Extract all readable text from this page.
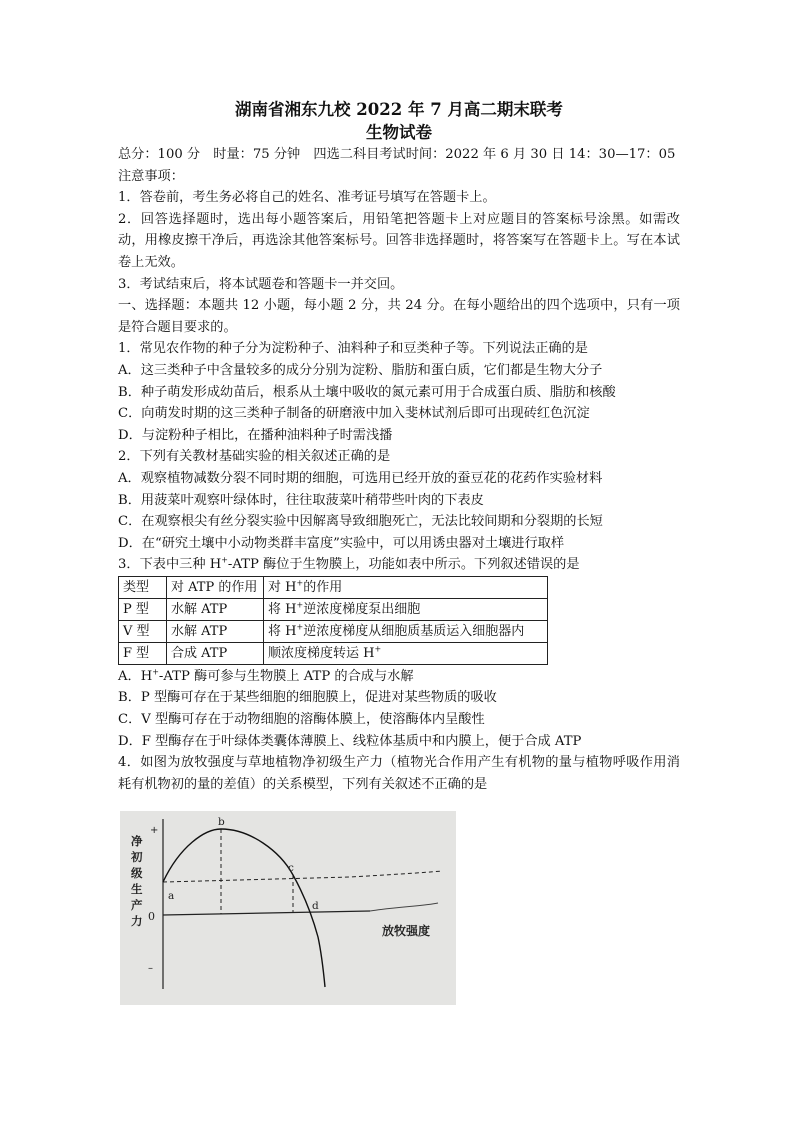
湖南省湘东九校 2022 年 7 月高二期末联考
生物试卷
总分：100 分　时量：75 分钟　四选二科目考试时间：2022 年 6 月 30 日 14：30—17：05
注意事项：
1．答卷前，考生务必将自己的姓名、准考证号填写在答题卡上。
2．回答选择题时，选出每小题答案后，用铅笔把答题卡上对应题目的答案标号涂黑。如需改动，用橡皮擦干净后，再选涂其他答案标号。回答非选择题时，将答案写在答题卡上。写在本试卷上无效。
3．考试结束后，将本试题卷和答题卡一并交回。
一、选择题：本题共 12 小题，每小题 2 分，共 24 分。在每小题给出的四个选项中，只有一项是符合题目要求的。
1．常见农作物的种子分为淀粉种子、油料种子和豆类种子等。下列说法正确的是
A．这三类种子中含量较多的成分分别为淀粉、脂肪和蛋白质，它们都是生物大分子
B．种子萌发形成幼苗后，根系从土壤中吸收的氮元素可用于合成蛋白质、脂肪和核酸
C．向萌发时期的这三类种子制备的研磨液中加入斐林试剂后即可出现砖红色沉淀
D．与淀粉种子相比，在播种油料种子时需浅播
2．下列有关教材基础实验的相关叙述正确的是
A．观察植物减数分裂不同时期的细胞，可选用已经开放的蚕豆花的花药作实验材料
B．用菠菜叶观察叶绿体时，往往取菠菜叶稍带些叶肉的下表皮
C．在观察根尖有丝分裂实验中因解离导致细胞死亡，无法比较间期和分裂期的长短
D．在“研究土壤中小动物类群丰富度”实验中，可以用诱虫器对土壤进行取样
3．下表中三种 H+-ATP 酶位于生物膜上，功能如表中所示。下列叙述错误的是
类型	对 ATP 的作用	对 H+的作用
P 型	水解 ATP	将 H+逆浓度梯度泵出细胞
V 型	水解 ATP	将 H+逆浓度梯度从细胞质基质运入细胞器内
F 型	合成 ATP	顺浓度梯度转运 H+
A．H+-ATP 酶可参与生物膜上 ATP 的合成与水解
B．P 型酶可存在于某些细胞的细胞膜上，促进对某些物质的吸收
C．V 型酶可存在于动物细胞的溶酶体膜上，使溶酶体内呈酸性
D．F 型酶存在于叶绿体类囊体薄膜上、线粒体基质中和内膜上，便于合成 ATP
4．如图为放牧强度与草地植物净初级生产力（植物光合作用产生有机物的量与植物呼吸作用消耗有机物初的量的差值）的关系模型，下列有关叙述不正确的是
净
初
级
生
产
力
+
–
0
a
b
c
d
放牧强度
